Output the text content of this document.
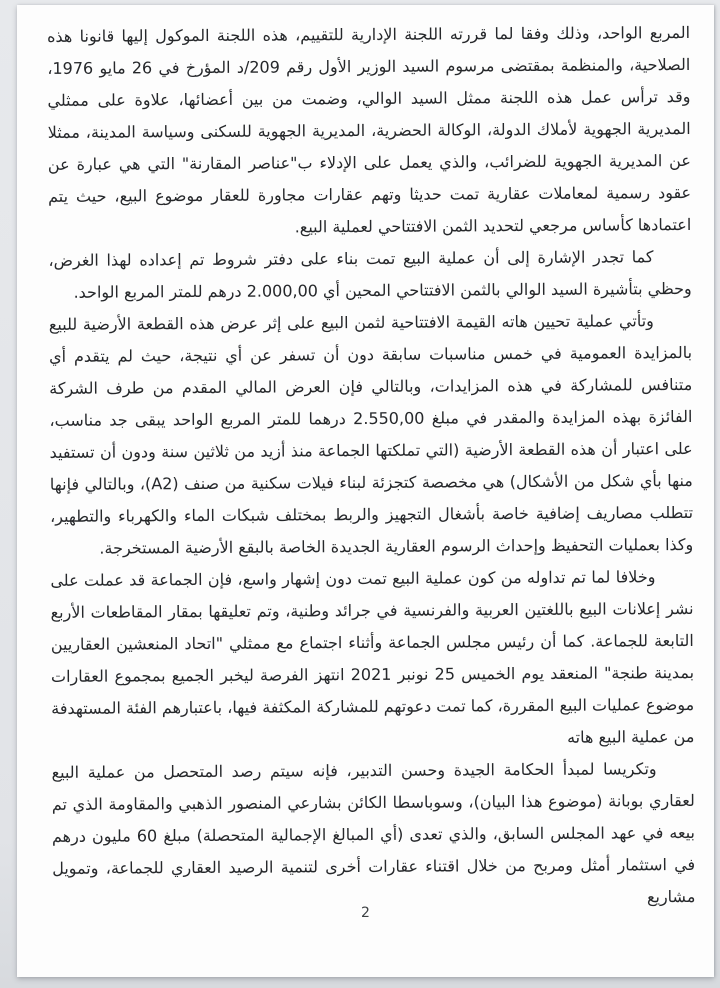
المربع الواحد، وذلك وفقا لما قررته اللجنة الإدارية للتقييم، هذه اللجنة الموكول إليها قانونا هذه الصلاحية، والمنظمة بمقتضى مرسوم السيد الوزير الأول رقم 209/د المؤرخ في 26 مايو 1976، وقد ترأس عمل هذه اللجنة ممثل السيد الوالي، وضمت من بين أعضائها، علاوة على ممثلي المديرية الجهوية لأملاك الدولة، الوكالة الحضرية، المديرية الجهوية للسكنى وسياسة المدينة، ممثلا عن المديرية الجهوية للضرائب، والذي يعمل على الإدلاء ب"عناصر المقارنة" التي هي عبارة عن عقود رسمية لمعاملات عقارية تمت حديثا وتهم عقارات مجاورة للعقار موضوع البيع، حيث يتم اعتمادها كأساس مرجعي لتحديد الثمن الافتتاحي لعملية البيع.

كما تجدر الإشارة إلى أن عملية البيع تمت بناء على دفتر شروط تم إعداده لهذا الغرض، وحظي بتأشيرة السيد الوالي بالثمن الافتتاحي المحين أي 2.000,00 درهم للمتر المربع الواحد.

وتأتي عملية تحيين هاته القيمة الافتتاحية لثمن البيع على إثر عرض هذه القطعة الأرضية للبيع بالمزايدة العمومية في خمس مناسبات سابقة دون أن تسفر عن أي نتيجة، حيث لم يتقدم أي متنافس للمشاركة في هذه المزايدات، وبالتالي فإن العرض المالي المقدم من طرف الشركة الفائزة بهذه المزايدة والمقدر في مبلغ 2.550,00 درهما للمتر المربع الواحد يبقى جد مناسب، على اعتبار أن هذه القطعة الأرضية (التي تملكتها الجماعة منذ أزيد من ثلاثين سنة ودون أن تستفيد منها بأي شكل من الأشكال) هي مخصصة كتجزئة لبناء فيلات سكنية من صنف (A2)، وبالتالي فإنها تتطلب مصاريف إضافية خاصة بأشغال التجهيز والربط بمختلف شبكات الماء والكهرباء والتطهير، وكذا بعمليات التحفيظ وإحداث الرسوم العقارية الجديدة الخاصة بالبقع الأرضية المستخرجة.

وخلافا لما تم تداوله من كون عملية البيع تمت دون إشهار واسع، فإن الجماعة قد عملت على نشر إعلانات البيع باللغتين العربية والفرنسية في جرائد وطنية، وتم تعليقها بمقار المقاطعات الأربع التابعة للجماعة. كما أن رئيس مجلس الجماعة وأثناء اجتماع مع ممثلي "اتحاد المنعشين العقاريين بمدينة طنجة" المنعقد يوم الخميس 25 نونبر 2021 انتهز الفرصة ليخبر الجميع بمجموع العقارات موضوع عمليات البيع المقررة، كما تمت دعوتهم للمشاركة المكثفة فيها، باعتبارهم الفئة المستهدفة من عملية البيع هاته

وتكريسا لمبدأ الحكامة الجيدة وحسن التدبير، فإنه سيتم رصد المتحصل من عملية البيع لعقاري بوبانة (موضوع هذا البيان)، وسوباسطا الكائن بشارعي المنصور الذهبي والمقاومة الذي تم بيعه في عهد المجلس السابق، والذي تعدى (أي المبالغ الإجمالية المتحصلة) مبلغ 60 مليون درهم في استثمار أمثل ومربح من خلال اقتناء عقارات أخرى لتنمية الرصيد العقاري للجماعة، وتمويل مشاريع

2
